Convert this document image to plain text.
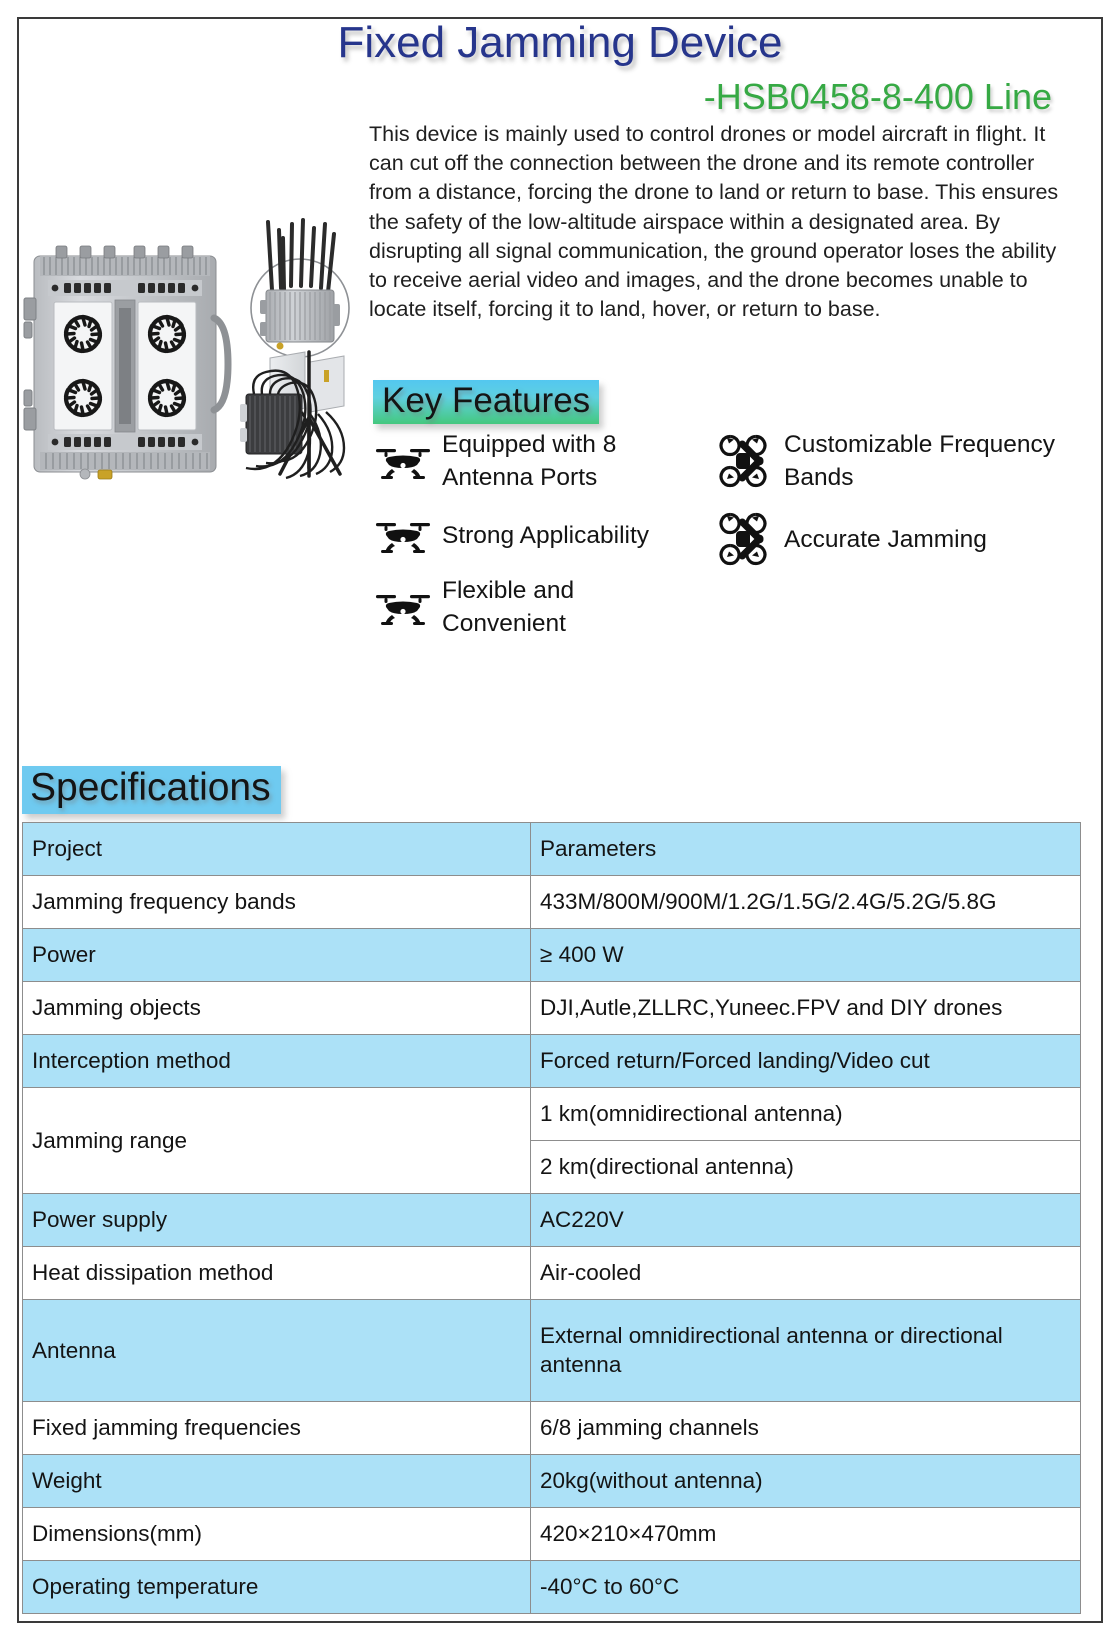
Fixed Jamming Device
-HSB0458-8-400 Line
This device is mainly used to control drones or model aircraft in flight. It can cut off the connection between the drone and its remote controller from a distance, forcing the drone to land or return to base. This ensures the safety of the low-altitude airspace within a designated area. By disrupting all signal communication, the ground operator loses the ability to receive aerial video and images, and the drone becomes unable to locate itself, forcing it to land, hover, or return to base.
Key Features
Equipped with 8 Antenna Ports
Strong Applicability
Flexible and Convenient
Customizable Frequency Bands
Accurate Jamming
Specifications
Project	Parameters
Jamming frequency bands	433M/800M/900M/1.2G/1.5G/2.4G/5.2G/5.8G
Power	≥ 400 W
Jamming objects	DJI,Autle,ZLLRC,Yuneec.FPV and DIY drones
Interception method	Forced return/Forced landing/Video cut
Jamming range	1 km(omnidirectional antenna)
	2 km(directional antenna)
Power supply	AC220V
Heat dissipation method	Air-cooled
Antenna	External omnidirectional antenna or directional antenna
Fixed jamming frequencies	6/8 jamming channels
Weight	20kg(without antenna)
Dimensions(mm)	420×210×470mm
Operating temperature	-40°C to 60°C
